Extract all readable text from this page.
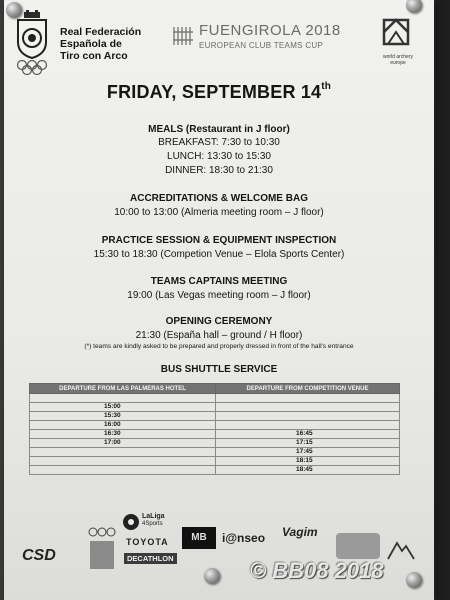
Real Federación
Española de
Tiro con Arco
FUENGIROLA 2018
EUROPEAN CLUB TEAMS CUP
world archery
europe
FRIDAY, SEPTEMBER 14th
MEALS (Restaurant in J floor)
BREAKFAST: 7:30 to 10:30
LUNCH: 13:30 to 15:30
DINNER: 18:30 to 21:30
ACCREDITATIONS & WELCOME BAG
10:00 to 13:00 (Almeria meeting room – J floor)
PRACTICE SESSION & EQUIPMENT INSPECTION
15:30 to 18:30 (Competion Venue – Elola Sports Center)
TEAMS CAPTAINS MEETING
19:00 (Las Vegas meeting room – J floor)
OPENING CEREMONY
21:30 (España hall – ground / H floor)
(*) teams are kindly asked to be prepared and properly dressed in front of the hall's entrance
BUS SHUTTLE SERVICE
DEPARTURE FROM LAS PALMERAS HOTEL	DEPARTURE FROM COMPETITION VENUE

15:00	
15:30	
16:00	
16:30	16:45
17:00	17:15
	17:45
	18:15
	18:45
CSD
LaLiga
4Sports
TOYOTA
DECATHLON
MB	i@nseo Vagim
© BB08 2018
